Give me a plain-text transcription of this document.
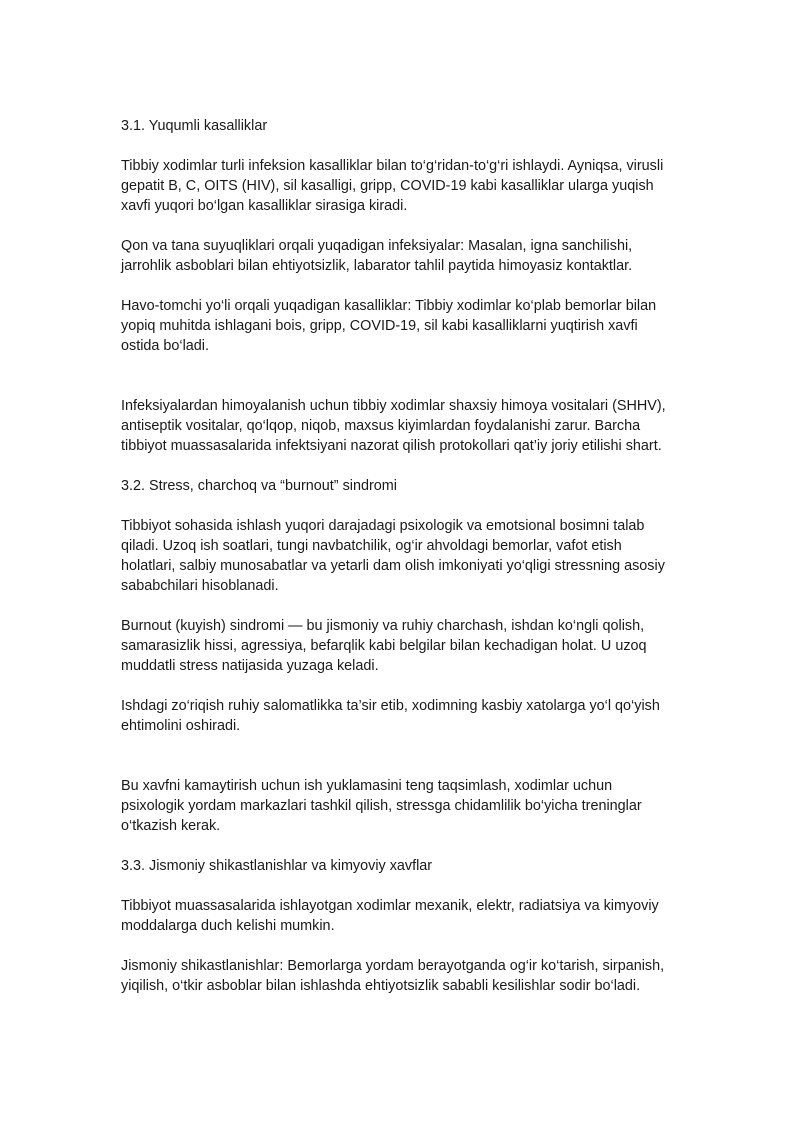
3.1. Yuqumli kasalliklar

Tibbiy xodimlar turli infeksion kasalliklar bilan to‘g‘ridan-to‘g‘ri ishlaydi. Ayniqsa, virusli gepatit B, C, OITS (HIV), sil kasalligi, gripp, COVID-19 kabi kasalliklar ularga yuqish xavfi yuqori bo‘lgan kasalliklar sirasiga kiradi.

Qon va tana suyuqliklari orqali yuqadigan infeksiyalar: Masalan, igna sanchilishi, jarrohlik asboblari bilan ehtiyotsizlik, labarator tahlil paytida himoyasiz kontaktlar.

Havo-tomchi yo‘li orqali yuqadigan kasalliklar: Tibbiy xodimlar ko‘plab bemorlar bilan yopiq muhitda ishlagani bois, gripp, COVID-19, sil kabi kasalliklarni yuqtirish xavfi ostida bo‘ladi.

Infeksiyalardan himoyalanish uchun tibbiy xodimlar shaxsiy himoya vositalari (SHHV), antiseptik vositalar, qo‘lqop, niqob, maxsus kiyimlardan foydalanishi zarur. Barcha tibbiyot muassasalarida infektsiyani nazorat qilish protokollari qat’iy joriy etilishi shart.

3.2. Stress, charchoq va “burnout” sindromi

Tibbiyot sohasida ishlash yuqori darajadagi psixologik va emotsional bosimni talab qiladi. Uzoq ish soatlari, tungi navbatchilik, og‘ir ahvoldagi bemorlar, vafot etish holatlari, salbiy munosabatlar va yetarli dam olish imkoniyati yo‘qligi stressning asosiy sababchilari hisoblanadi.

Burnout (kuyish) sindromi — bu jismoniy va ruhiy charchash, ishdan ko‘ngli qolish, samarasizlik hissi, agressiya, befarqlik kabi belgilar bilan kechadigan holat. U uzoq muddatli stress natijasida yuzaga keladi.

Ishdagi zo‘riqish ruhiy salomatlikka ta’sir etib, xodimning kasbiy xatolarga yo‘l qo‘yish ehtimolini oshiradi.

Bu xavfni kamaytirish uchun ish yuklamasini teng taqsimlash, xodimlar uchun psixologik yordam markazlari tashkil qilish, stressga chidamlilik bo‘yicha treninglar o‘tkazish kerak.

3.3. Jismoniy shikastlanishlar va kimyoviy xavflar

Tibbiyot muassasalarida ishlayotgan xodimlar mexanik, elektr, radiatsiya va kimyoviy moddalarga duch kelishi mumkin.

Jismoniy shikastlanishlar: Bemorlarga yordam berayotganda og‘ir ko‘tarish, sirpanish, yiqilish, o‘tkir asboblar bilan ishlashda ehtiyotsizlik sababli kesilishlar sodir bo‘ladi.
